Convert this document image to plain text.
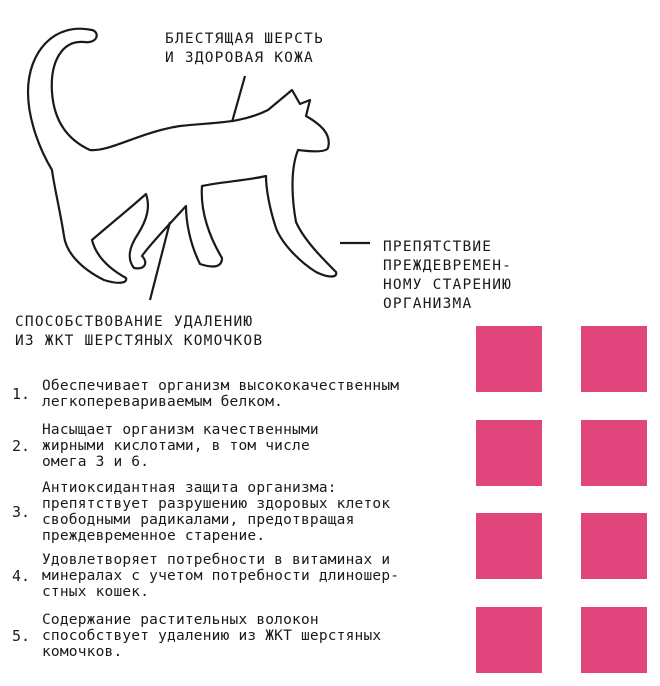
БЛЕСТЯЩАЯ ШЕРСТЬ
И ЗДОРОВАЯ КОЖА
ПРЕПЯТСТВИЕ
ПРЕЖДЕВРЕМЕН-
НОМУ СТАРЕНИЮ
ОРГАНИЗМА
СПОСОБСТВОВАНИЕ УДАЛЕНИЮ
ИЗ ЖКТ ШЕРСТЯНЫХ КОМОЧКОВ
1. Обеспечивает организм высококачественным
легкоперевариваемым белком.
2.
Насыщает организм качественными
жирными кислотами, в том числе
омега 3 и 6.
3.
Антиоксидантная защита организма:
препятствует разрушению здоровых клеток
свободными радикалами, предотвращая
преждевременное старение.
4.
Удовлетворяет потребности в витаминах и
минералах с учетом потребности длиношер-
стных кошек.
5.
Содержание растительных волокон
способствует удалению из ЖКТ шерстяных
комочков.
